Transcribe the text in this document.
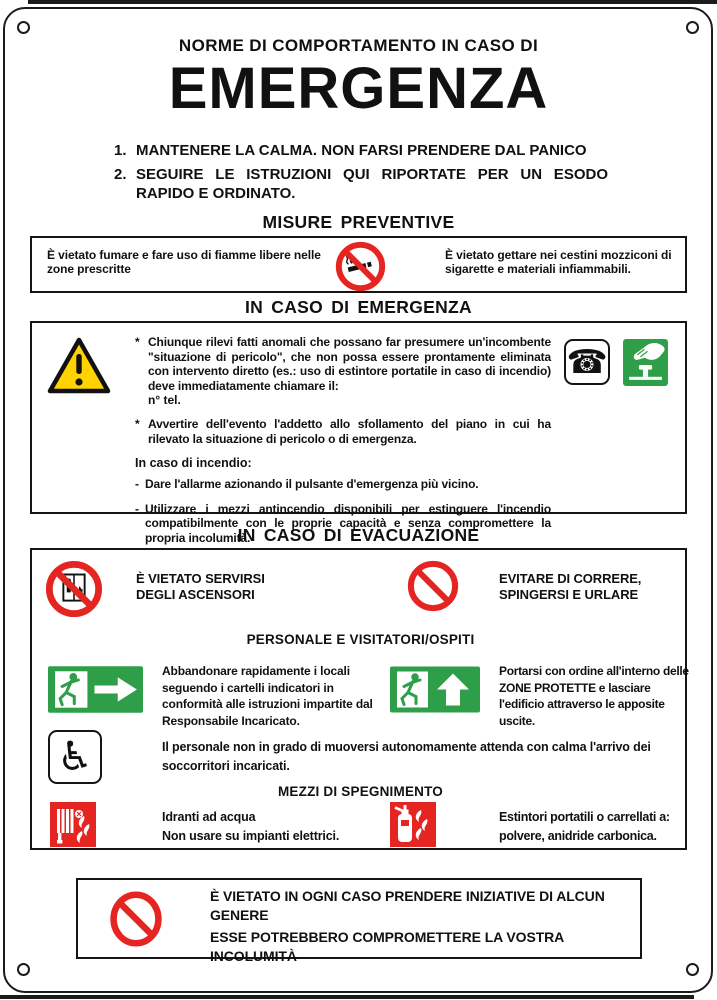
NORME DI COMPORTAMENTO IN CASO DI
EMERGENZA
1. MANTENERE LA CALMA. NON FARSI PRENDERE DAL PANICO
2. SEGUIRE LE ISTRUZIONI QUI RIPORTATE PER UN ESODO RAPIDO E ORDINATO.
MISURE PREVENTIVE
È vietato fumare e fare uso di fiamme libere nelle zone prescritte
È vietato gettare nei cestini mozziconi di sigarette e materiali infiammabili.
IN CASO DI EMERGENZA
☎
* Chiunque rilevi fatti anomali che possano far presumere un'incombente "situazione di pericolo", che non possa essere prontamente eliminata con intervento diretto (es.: uso di estintore portatile in caso di incendio) deve immediatamente chiamare il:
n° tel.
* Avvertire dell'evento l'addetto allo sfollamento del piano in cui ha rilevato la situazione di pericolo o di emergenza.
In caso di incendio:
- Dare l'allarme azionando il pulsante d'emergenza più vicino.
- Utilizzare i mezzi antincendio disponibili per estinguere l'incendio compatibilmente con le proprie capacità e senza compromettere la propria incolumità.
IN CASO DI EVACUAZIONE
È VIETATO SERVIRSI DEGLI ASCENSORI
EVITARE DI CORRERE, SPINGERSI E URLARE
PERSONALE E VISITATORI/OSPITI
Abbandonare rapidamente i locali seguendo i cartelli indicatori in conformità alle istruzioni impartite dal Responsabile Incaricato.
Portarsi con ordine all'interno delle ZONE PROTETTE e lasciare l'edificio attraverso le apposite uscite.
♿	Il personale non in grado di muoversi autonomamente attenda con calma l'arrivo dei soccorritori incaricati.
MEZZI DI SPEGNIMENTO
Idranti ad acqua
Non usare su impianti elettrici.
Estintori portatili o carrellati a:
polvere, anidride carbonica.
È VIETATO IN OGNI CASO PRENDERE INIZIATIVE DI ALCUN GENERE
ESSE POTREBBERO COMPROMETTERE LA VOSTRA INCOLUMITÀ
